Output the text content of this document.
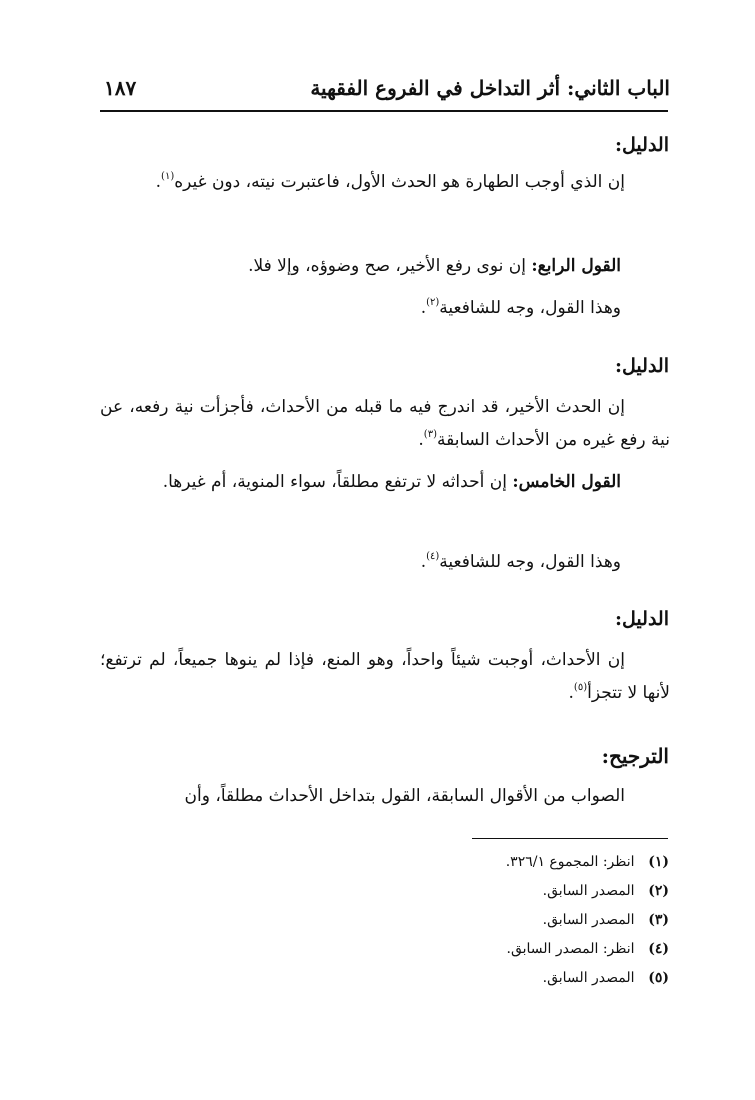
الباب الثاني: أثر التداخل في الفروع الفقهية
١٨٧
الدليل:

إن الذي أوجب الطهارة هو الحدث الأول، فاعتبرت نيته، دون غيره$^{(١)}$.

القول الرابع: إن نوى رفع الأخير، صح وضوؤه، وإلا فلا.
وهذا القول، وجه للشافعية$^{(٢)}$.
الدليل:

إن الحدث الأخير، قد اندرج فيه ما قبله من الأحداث، فأجزأت نية رفعه، عن نية رفع غيره من الأحداث السابقة$^{(٣)}$.

القول الخامس: إن أحداثه لا ترتفع مطلقاً، سواء المنوية، أم غيرها.
وهذا القول، وجه للشافعية$^{(٤)}$.
الدليل:

إن الأحداث، أوجبت شيئاً واحداً، وهو المنع، فإذا لم ينوها جميعاً، لم ترتفع؛ لأنها لا تتجزأ$^{(٥)}$.

الترجيح:

الصواب من الأقوال السابقة، القول بتداخل الأحداث مطلقاً، وأن

(١) انظر: المجموع ٣٢٦/١.
(٢) المصدر السابق.
(٣) المصدر السابق.
(٤) انظر: المصدر السابق.
(٥) المصدر السابق.
